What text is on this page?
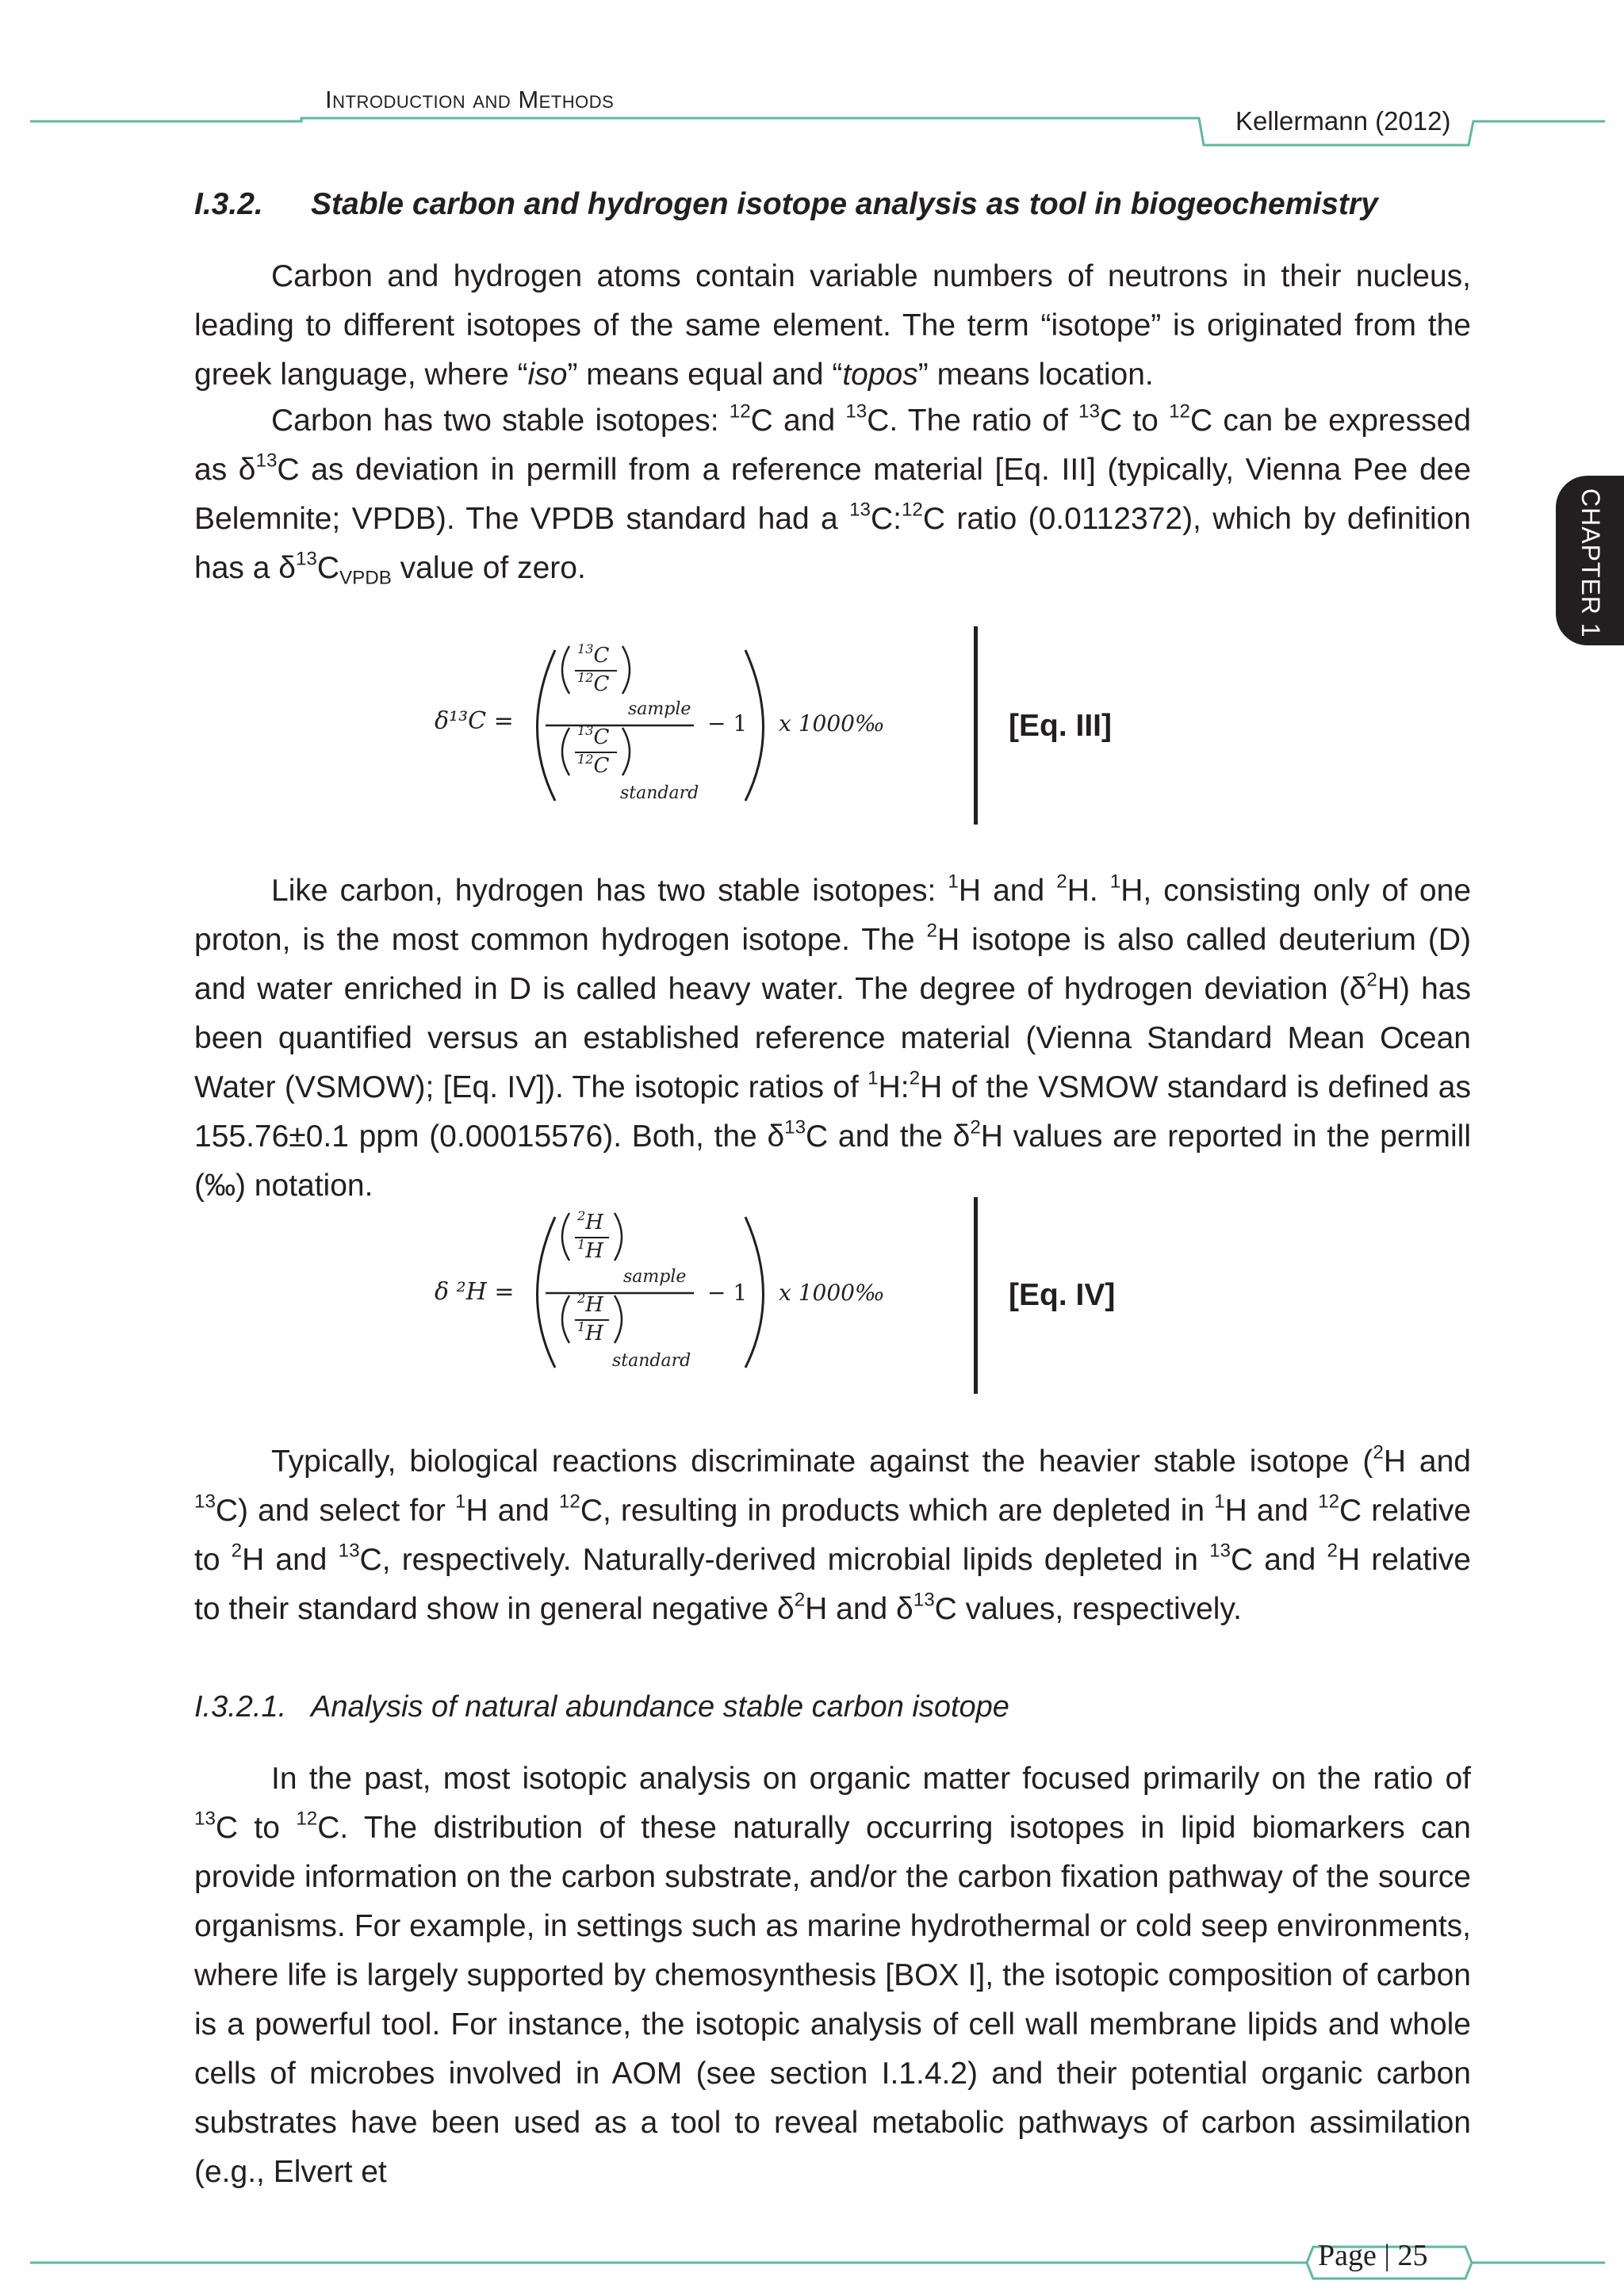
Introduction and Methods
Kellermann (2012)
CHAPTER 1
I.3.2. Stable carbon and hydrogen isotope analysis as tool in biogeochemistry
Carbon and hydrogen atoms contain variable numbers of neutrons in their nucleus, leading to different isotopes of the same element. The term “isotope” is originated from the greek language, where “iso” means equal and “topos” means location.
Carbon has two stable isotopes: $^{12}$C and $^{13}$C. The ratio of $^{13}$C to $^{12}$C can be expressed as $\delta^{13}C$ as deviation in permill from a reference material [Eq. III] (typically, Vienna Pee dee Belemnite; VPDB). The VPDB standard had a $^{13}$C:$^{12}$C ratio (0.0112372), which by definition has a $\delta^{13}C_{VPDB}$ value of zero.
δ¹³C =
$^{13}$C
$^{12}$C
sample
$^{13}$C
$^{12}$C
standard
− 1 x 1000‰	[Eq. III]
Like carbon, hydrogen has two stable isotopes: $^1$H and $^2$H. $^1$H, consisting only of one proton, is the most common hydrogen isotope. The $^2$H isotope is also called deuterium (D) and water enriched in D is called heavy water. The degree of hydrogen deviation $(\delta^2H)$ has been quantified versus an established reference material (Vienna Standard Mean Ocean Water (VSMOW); [Eq. IV]). The isotopic ratios of $^1$H:$^2$H of the VSMOW standard is defined as 155.76±0.1 ppm (0.00015576). Both, the $\delta^{13}C$ and the $\delta^2H$ values are reported in the permill (‰) notation.
δ ²H =
$^2$H
$^1$H
sample
$^2$H
$^1$H
standard
− 1 x 1000‰	[Eq. IV]
Typically, biological reactions discriminate against the heavier stable isotope ($^2$H and $^{13}$C) and select for $^1$H and $^{12}$C, resulting in products which are depleted in $^1$H and $^{12}$C relative to $^2$H and $^{13}$C, respectively. Naturally-derived microbial lipids depleted in $^{13}$C and $^2$H relative to their standard show in general negative $\delta^2H$ and $\delta^{13}C$ values, respectively.
I.3.2.1. Analysis of natural abundance stable carbon isotope
In the past, most isotopic analysis on organic matter focused primarily on the ratio of $^{13}$C to $^{12}$C. The distribution of these naturally occurring isotopes in lipid biomarkers can provide information on the carbon substrate, and/or the carbon fixation pathway of the source organisms. For example, in settings such as marine hydrothermal or cold seep environments, where life is largely supported by chemosynthesis [BOX I], the isotopic composition of carbon is a powerful tool. For instance, the isotopic analysis of cell wall membrane lipids and whole cells of microbes involved in AOM (see section I.1.4.2) and their potential organic carbon substrates have been used as a tool to reveal metabolic pathways of carbon assimilation (e.g., Elvert et
Page | 25
